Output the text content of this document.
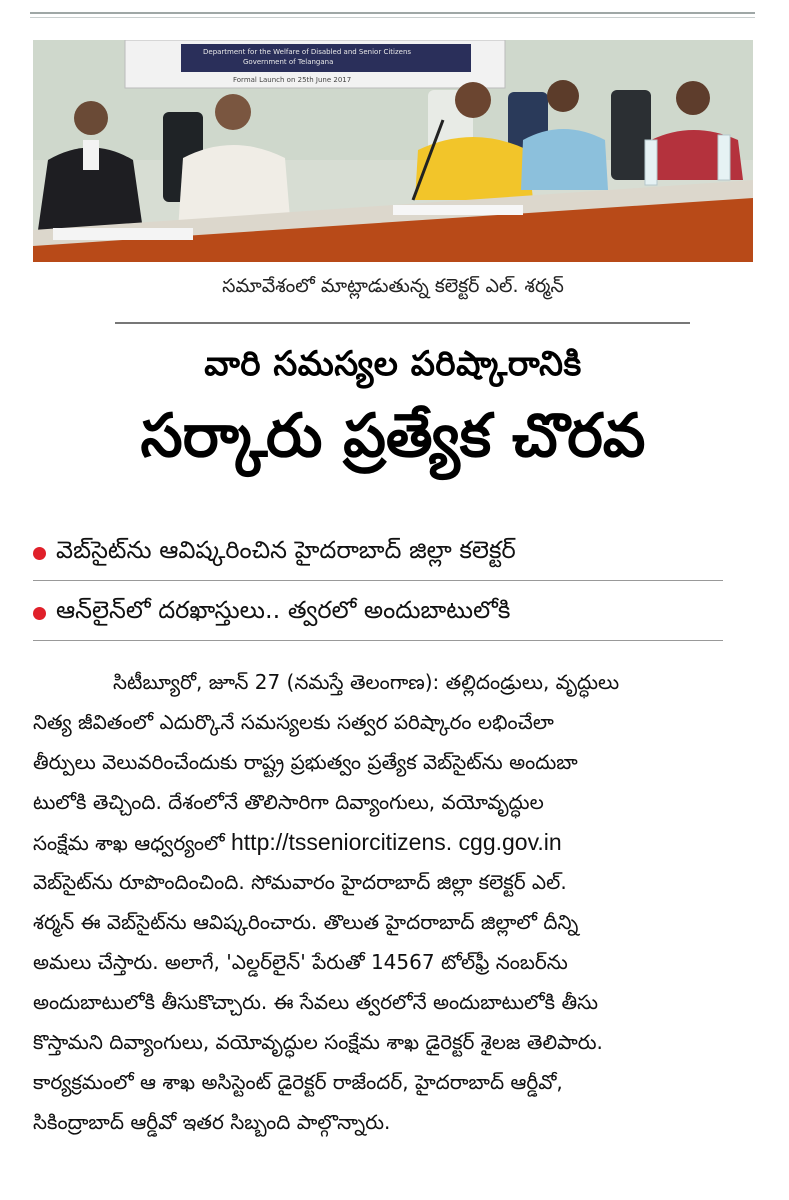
Department for the Welfare of Disabled and Senior Citizens
Government of Telangana
Formal Launch on 25th June 2017
సమావేశంలో మాట్లాడుతున్న కలెక్టర్ ఎల్. శర్మన్
వారి సమస్యల పరిష్కారానికి
సర్కారు ప్రత్యేక చొరవ
వెబ్‌సైట్‌ను ఆవిష్కరించిన హైదరాబాద్ జిల్లా కలెక్టర్
ఆన్‌లైన్‌లో దరఖాస్తులు.. త్వరలో అందుబాటులోకి
సిటీబ్యూరో, జూన్ 27 (నమస్తే తెలంగాణ): తల్లిదండ్రులు, వృద్ధులు
నిత్య జీవితంలో ఎదుర్కొనే సమస్యలకు సత్వర పరిష్కారం లభించేలా
తీర్పులు వెలువరించేందుకు రాష్ట్ర ప్రభుత్వం ప్రత్యేక వెబ్‌సైట్‌ను అందుబా
టులోకి తెచ్చింది. దేశంలోనే తొలిసారిగా దివ్యాంగులు, వయోవృద్ధుల
సంక్షేమ శాఖ ఆధ్వర్యంలో http://tsseniorcitizens. cgg.gov.in
వెబ్‌సైట్‌ను రూపొందించింది. సోమవారం హైదరాబాద్ జిల్లా కలెక్టర్ ఎల్.
శర్మన్ ఈ వెబ్‌సైట్‌ను ఆవిష్కరించారు. తొలుత హైదరాబాద్ జిల్లాలో దీన్ని
అమలు చేస్తారు. అలాగే, 'ఎల్డర్‌లైన్' పేరుతో 14567 టోల్‌ఫ్రీ నంబర్‌ను
అందుబాటులోకి తీసుకొచ్చారు. ఈ సేవలు త్వరలోనే అందుబాటులోకి తీసు
కొస్తామని దివ్యాంగులు, వయోవృద్ధుల సంక్షేమ శాఖ డైరెక్టర్ శైలజ తెలిపారు.
కార్యక్రమంలో ఆ శాఖ అసిస్టెంట్ డైరెక్టర్ రాజేందర్, హైదరాబాద్ ఆర్డీవో,
సికింద్రాబాద్ ఆర్డీవో ఇతర సిబ్బంది పాల్గొన్నారు.
